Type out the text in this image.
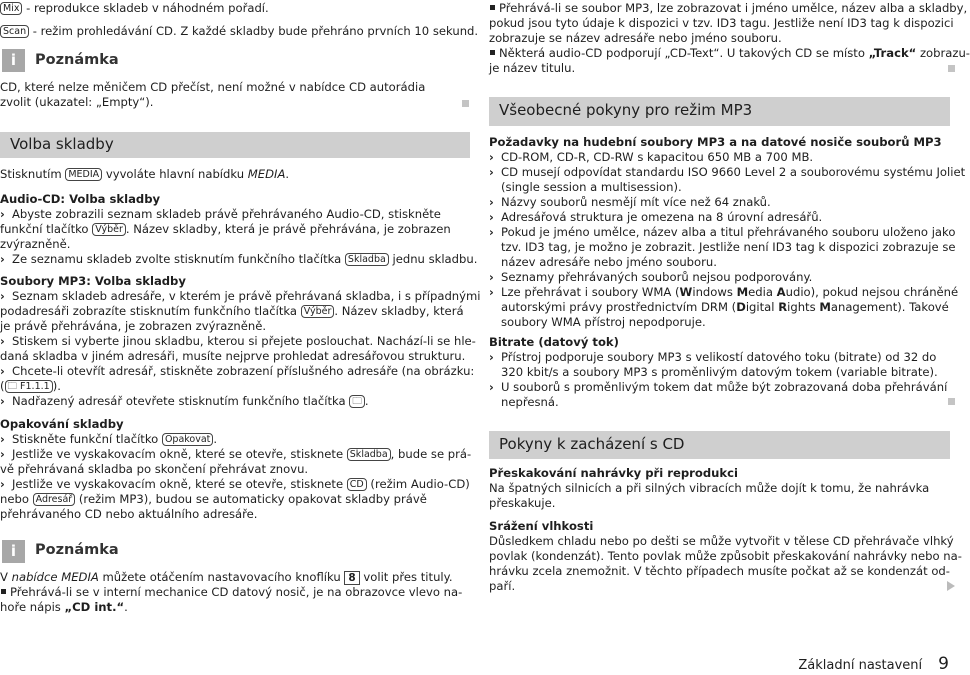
Mix - reprodukce skladeb v náhodném pořadí.
Scan - režim prohledávání CD. Z každé skladby bude přehráno prvních 10 sekund.
i	Poznámka
CD, které nelze měničem CD přečíst, není možné v nabídce CD autorádia
zvolit (ukazatel: „Empty“).
Volba skladby
Stisknutím MEDIA vyvoláte hlavní nabídku MEDIA.
Audio-CD: Volba skladby
› Abyste zobrazili seznam skladeb právě přehrávaného Audio-CD, stiskněte
funkční tlačítko Výběr . Název skladby, která je právě přehrávána, je zobrazen
zvýrazněně.
› Ze seznamu skladeb zvolte stisknutím funkčního tlačítka Skladba jednu skladbu.
Soubory MP3: Volba skladby
› Seznam skladeb adresáře, v kterém je právě přehrávaná skladba, i s případnými
podadresáři zobrazíte stisknutím funkčního tlačítka Výběr . Název skladby, která
je právě přehrávána, je zobrazen zvýrazněně.
› Stiskem si vyberte jinou skladbu, kterou si přejete poslouchat. Nachází-li se hle-
daná skladba v jiném adresáři, musíte nejprve prohledat adresářovou strukturu.
› Chcete-li otevřít adresář, stiskněte zobrazení příslušného adresáře (na obrázku:
( 🗀 F1.1.1 ).
› Nadřazený adresář otevřete stisknutím funkčního tlačítka 🗀 .
Opakování skladby
› Stiskněte funkční tlačítko Opakovat .
› Jestliže ve vyskakovacím okně, které se otevře, stisknete Skladba , bude se prá-
vě přehrávaná skladba po skončení přehrávat znovu.
› Jestliže ve vyskakovacím okně, které se otevře, stisknete CD (režim Audio-CD)
nebo Adresář (režim MP3), budou se automaticky opakovat skladby právě
přehrávaného CD nebo aktuálního adresáře.
i	Poznámka
V nabídce MEDIA můžete otáčením nastavovacího knoflíku 8 volit přes tituly.
Přehrává-li se v interní mechanice CD datový nosič, je na obrazovce vlevo na-
hoře nápis „CD int.“.
Přehrává-li se soubor MP3, lze zobrazovat i jméno umělce, název alba a skladby,
pokud jsou tyto údaje k dispozici v tzv. ID3 tagu. Jestliže není ID3 tag k dispozici
zobrazuje se název adresáře nebo jméno souboru.
Některá audio-CD podporují „CD-Text“. U takových CD se místo „Track“ zobrazu-
je název titulu.
Všeobecné pokyny pro režim MP3
Požadavky na hudební soubory MP3 a na datové nosiče souborů MP3
› CD-ROM, CD-R, CD-RW s kapacitou 650 MB a 700 MB.
› CD musejí odpovídat standardu ISO 9660 Level 2 a souborovému systému Joliet
(single session a multisession).
› Názvy souborů nesmějí mít více než 64 znaků.
› Adresářová struktura je omezena na 8 úrovní adresářů.
› Pokud je jméno umělce, název alba a titul přehrávaného souboru uloženo jako
tzv. ID3 tag, je možno je zobrazit. Jestliže není ID3 tag k dispozici zobrazuje se
název adresáře nebo jméno souboru.
› Seznamy přehrávaných souborů nejsou podporovány.
› Lze přehrávat i soubory WMA (Windows Media Audio), pokud nejsou chráněné
autorskými právy prostřednictvím DRM (Digital Rights Management). Takové
soubory WMA přístroj nepodporuje.
Bitrate (datový tok)
› Přístroj podporuje soubory MP3 s velikostí datového toku (bitrate) od 32 do
320 kbit/s a soubory MP3 s proměnlivým datovým tokem (variable bitrate).
› U souborů s proměnlivým tokem dat může být zobrazovaná doba přehrávání
nepřesná.
Pokyny k zacházení s CD
Přeskakování nahrávky při reprodukci
Na špatných silnicích a při silných vibracích může dojít k tomu, že nahrávka
přeskakuje.
Srážení vlhkosti
Důsledkem chladu nebo po dešti se může vytvořit v tělese CD přehrávače vlhký
povlak (kondenzát). Tento povlak může způsobit přeskakování nahrávky nebo na-
hrávku zcela znemožnit. V těchto případech musíte počkat až se kondenzát od-
paří.
Základní nastavení 9
